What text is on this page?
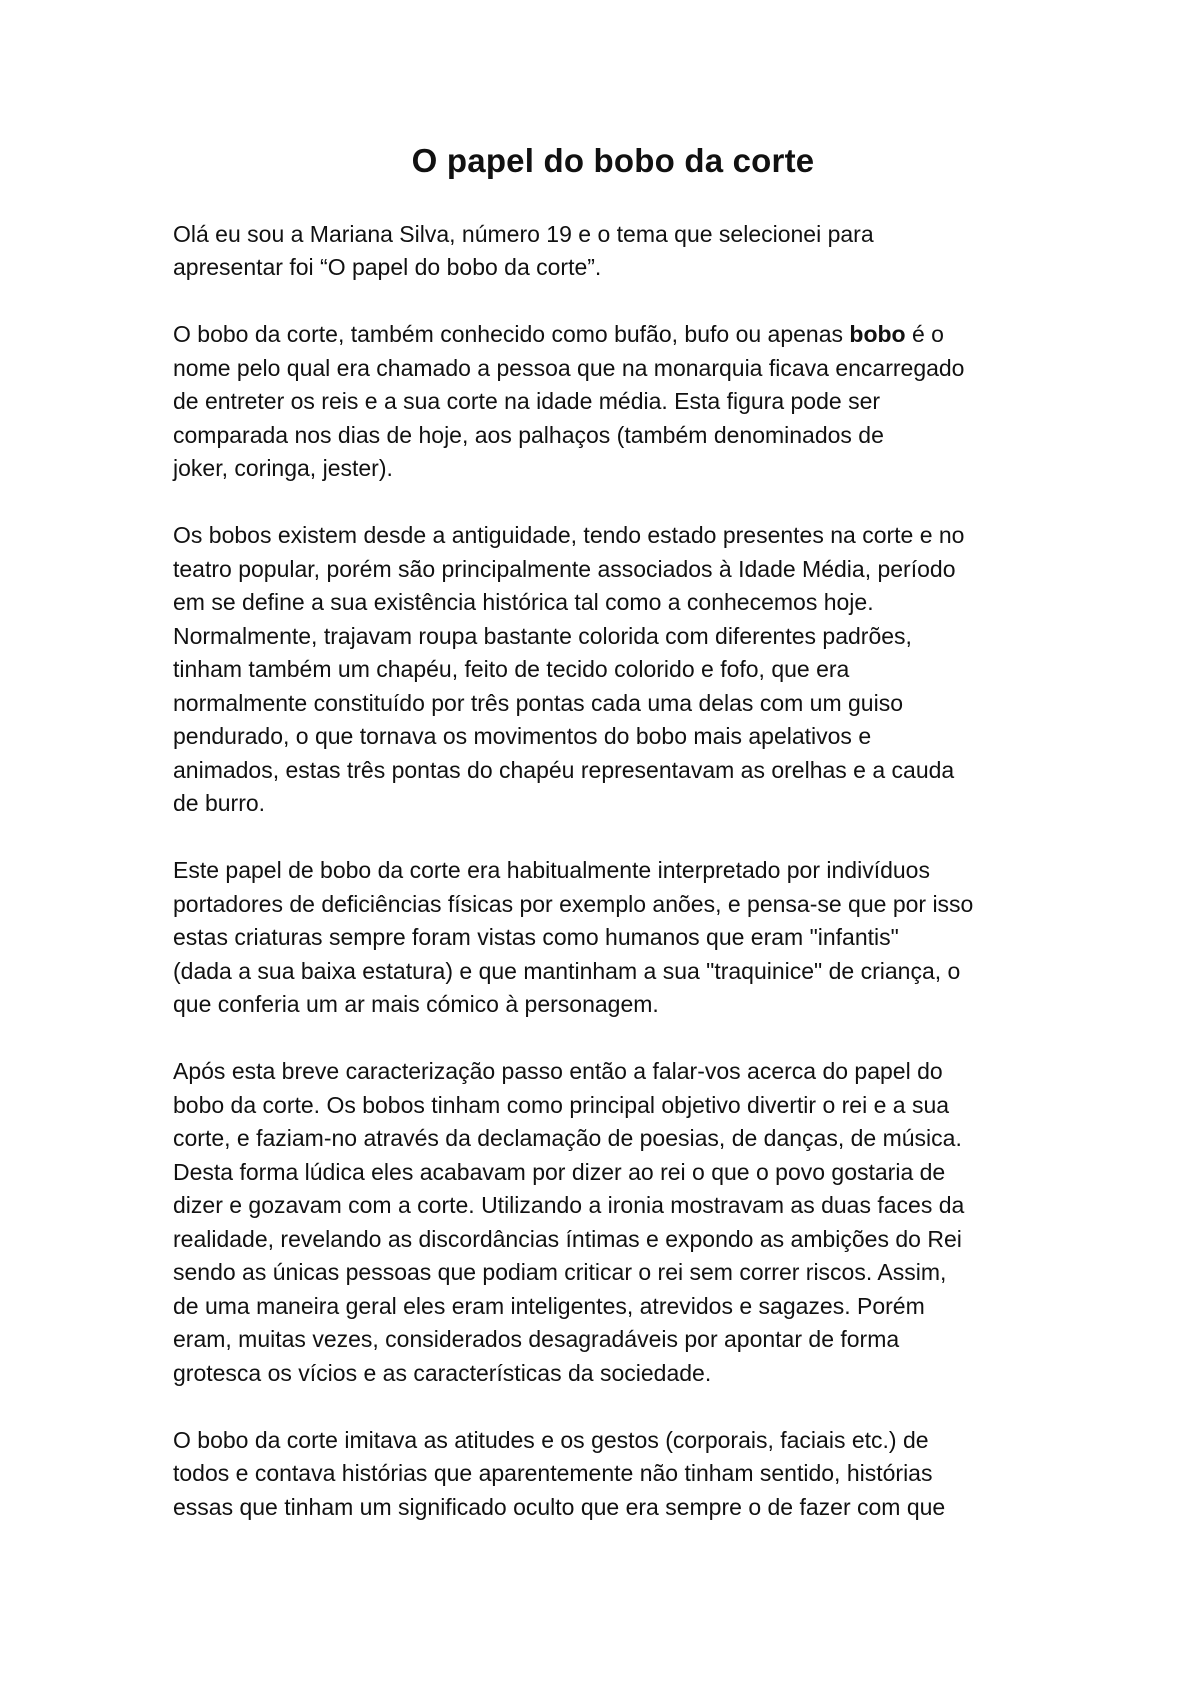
O papel do bobo da corte

Olá eu sou a Mariana Silva, número 19 e o tema que selecionei para
apresentar foi “O papel do bobo da corte”.

O bobo da corte, também conhecido como bufão, bufo ou apenas bobo é o
nome pelo qual era chamado a pessoa que na monarquia ficava encarregado
de entreter os reis e a sua corte na idade média. Esta figura pode ser
comparada nos dias de hoje, aos palhaços (também denominados de
joker, coringa, jester).

Os bobos existem desde a antiguidade, tendo estado presentes na corte e no
teatro popular, porém são principalmente associados à Idade Média, período
em se define a sua existência histórica tal como a conhecemos hoje.
Normalmente, trajavam roupa bastante colorida com diferentes padrões,
tinham também um chapéu, feito de tecido colorido e fofo, que era
normalmente constituído por três pontas cada uma delas com um guiso
pendurado, o que tornava os movimentos do bobo mais apelativos e
animados, estas três pontas do chapéu representavam as orelhas e a cauda
de burro.

Este papel de bobo da corte era habitualmente interpretado por indivíduos
portadores de deficiências físicas por exemplo anões, e pensa-se que por isso
estas criaturas sempre foram vistas como humanos que eram "infantis"
(dada a sua baixa estatura) e que mantinham a sua "traquinice" de criança, o
que conferia um ar mais cómico à personagem.

Após esta breve caracterização passo então a falar-vos acerca do papel do
bobo da corte. Os bobos tinham como principal objetivo divertir o rei e a sua
corte, e faziam-no através da declamação de poesias, de danças, de música.
Desta forma lúdica eles acabavam por dizer ao rei o que o povo gostaria de
dizer e gozavam com a corte. Utilizando a ironia mostravam as duas faces da
realidade, revelando as discordâncias íntimas e expondo as ambições do Rei
sendo as únicas pessoas que podiam criticar o rei sem correr riscos. Assim,
de uma maneira geral eles eram inteligentes, atrevidos e sagazes. Porém
eram, muitas vezes, considerados desagradáveis por apontar de forma
grotesca os vícios e as características da sociedade.

O bobo da corte imitava as atitudes e os gestos (corporais, faciais etc.) de
todos e contava histórias que aparentemente não tinham sentido, histórias
essas que tinham um significado oculto que era sempre o de fazer com que
